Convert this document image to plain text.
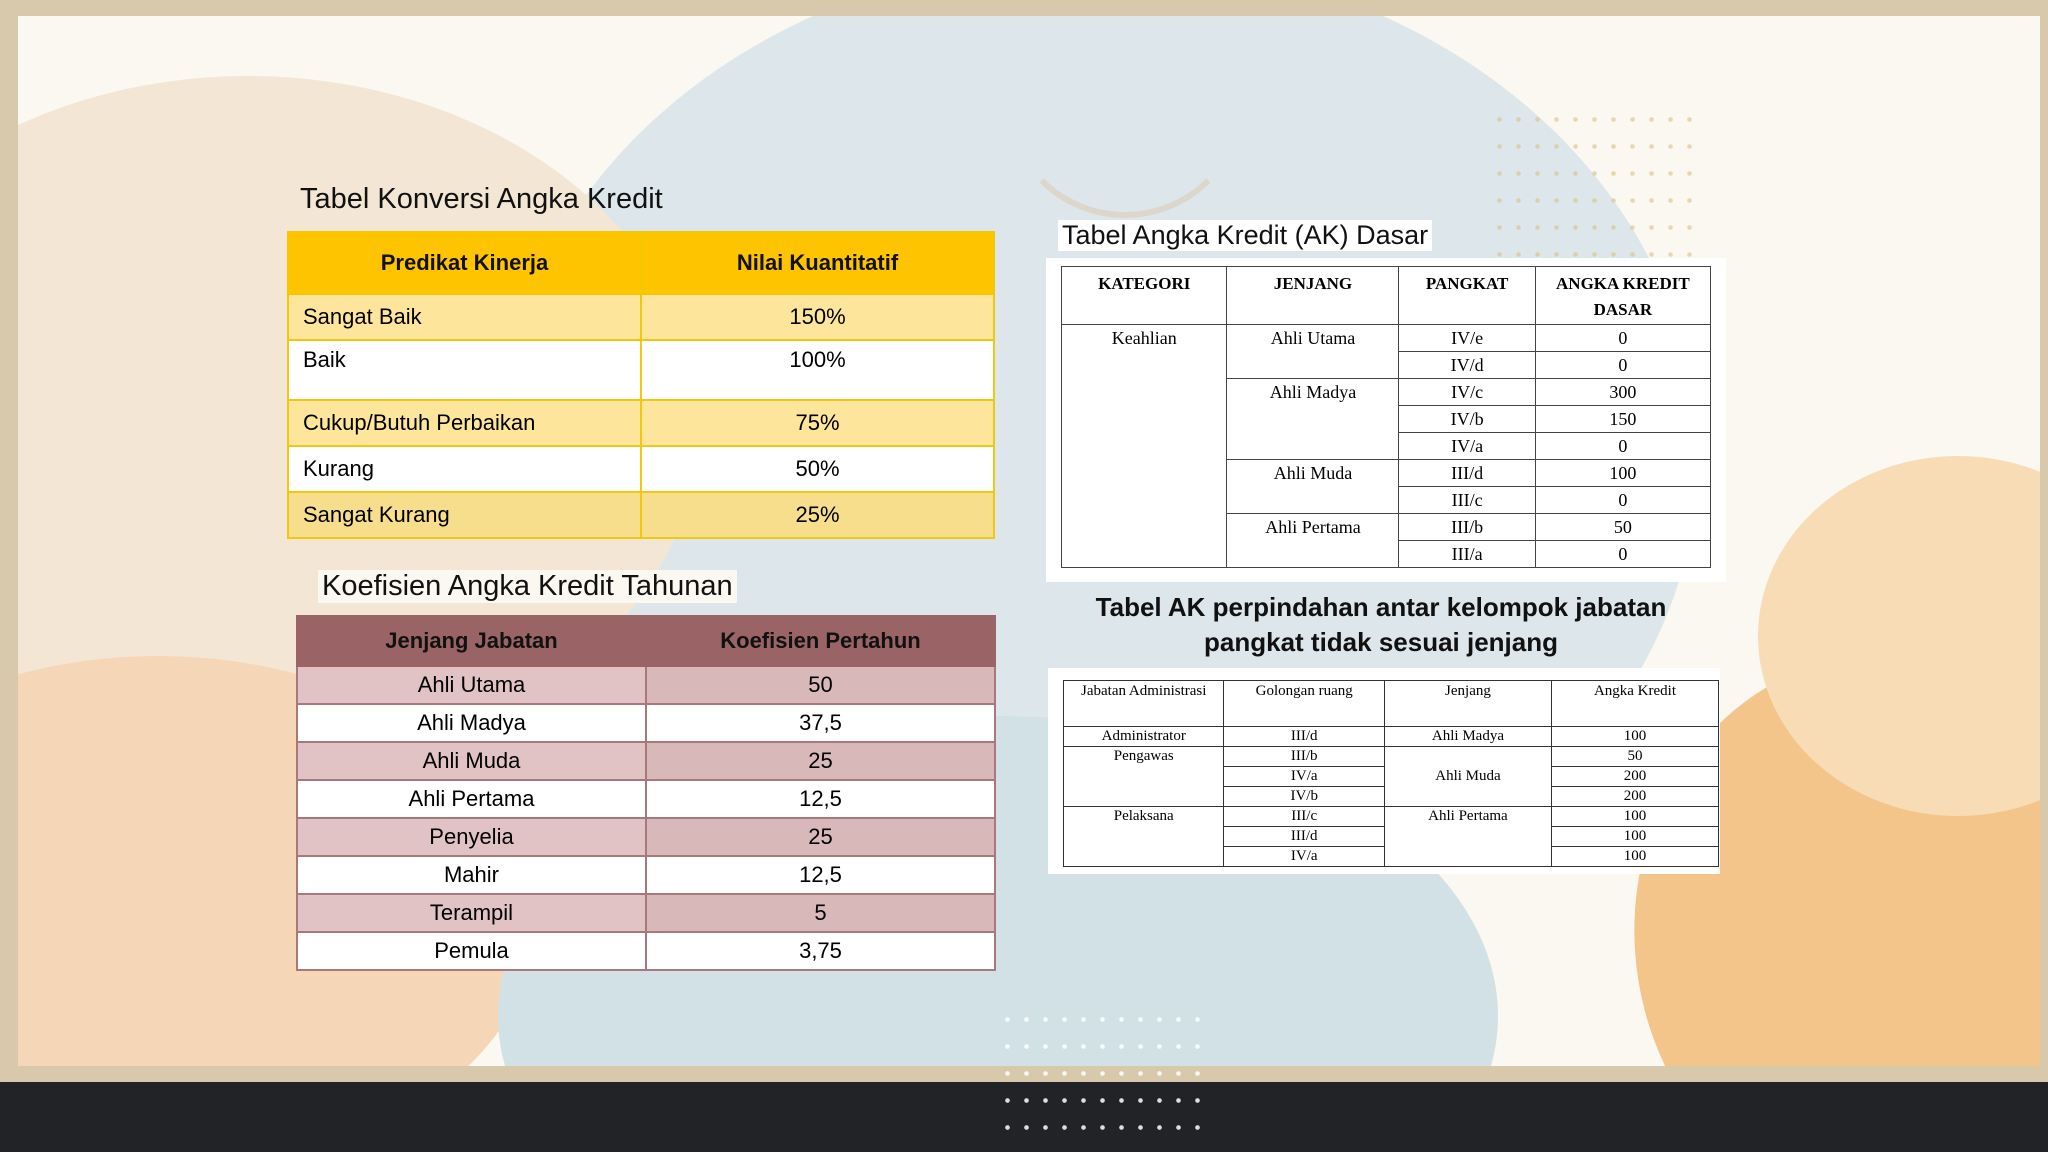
Tabel Konversi Angka Kredit
Predikat Kinerja	Nilai Kuantitatif
Sangat Baik	150%
Baik	100%
Cukup/Butuh Perbaikan	75%
Kurang	50%
Sangat Kurang	25%
Koefisien Angka Kredit Tahunan
Jenjang Jabatan	Koefisien Pertahun
Ahli Utama	50
Ahli Madya	37,5
Ahli Muda	25
Ahli Pertama	12,5
Penyelia	25
Mahir	12,5
Terampil	5
Pemula	3,75
Tabel Angka Kredit (AK) Dasar
KATEGORI	JENJANG	PANGKAT	ANGKA KREDIT DASAR
Keahlian	Ahli Utama	IV/e	0
		IV/d	0
	Ahli Madya	IV/c	300
		IV/b	150
		IV/a	0
	Ahli Muda	III/d	100
		III/c	0
	Ahli Pertama	III/b	50
		III/a	0
Tabel AK perpindahan antar kelompok jabatan
pangkat tidak sesuai jenjang
Jabatan Administrasi	Golongan ruang	Jenjang	Angka Kredit
Administrator	III/d	Ahli Madya	100
Pengawas	III/b	Ahli Muda	50
	IV/a		200
	IV/b		200
Pelaksana	III/c	Ahli Pertama	100
	III/d		100
	IV/a		100
